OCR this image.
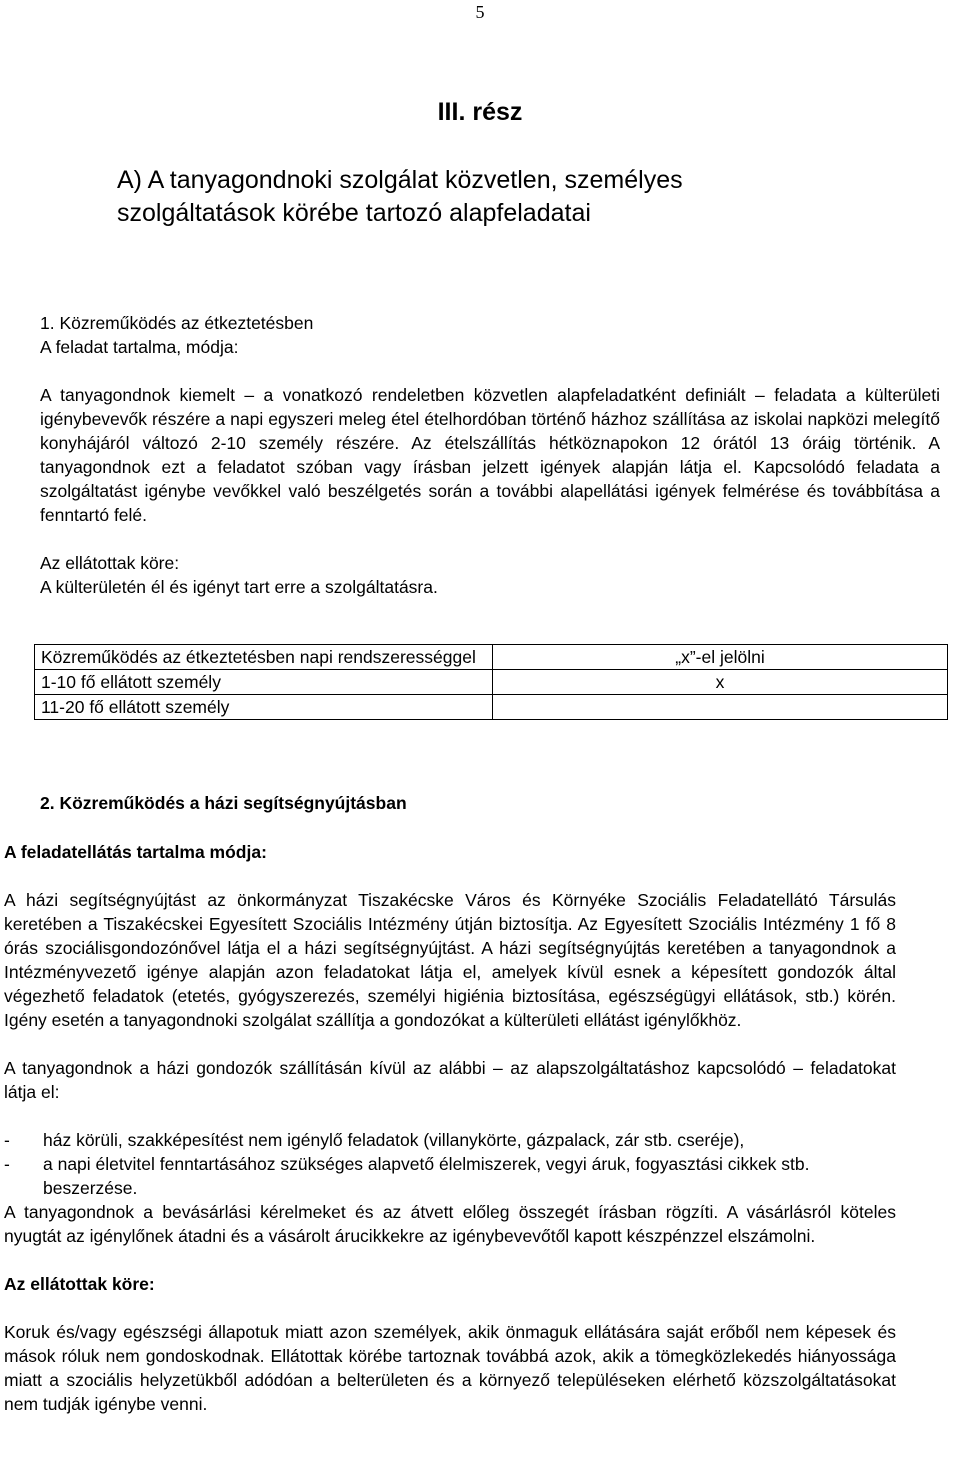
5
III. rész
A) A tanyagondnoki szolgálat közvetlen, személyes
szolgáltatások körébe tartozó alapfeladatai
1. Közreműködés az étkeztetésben
A feladat tartalma, módja:
A tanyagondnok kiemelt – a vonatkozó rendeletben közvetlen alapfeladatként definiált – feladata a külterületi igénybevevők részére a napi egyszeri meleg étel ételhordóban történő házhoz szállítása az iskolai napközi melegítő konyhájáról változó 2-10 személy részére. Az ételszállítás hétköznapokon 12 órától 13 óráig történik. A tanyagondnok ezt a feladatot szóban vagy írásban jelzett igények alapján látja el. Kapcsolódó feladata a szolgáltatást igénybe vevőkkel való beszélgetés során a további alapellátási igények felmérése és továbbítása a fenntartó felé.
Az ellátottak köre:
A külterületén él és igényt tart erre a szolgáltatásra.
Közreműködés az étkeztetésben napi rendszerességgel	„x”-el jelölni

1-10 fő ellátott személy	x
11-20 fő ellátott személy	
2. Közreműködés a házi segítségnyújtásban
A feladatellátás tartalma módja:
A házi segítségnyújtást az önkormányzat Tiszakécske Város és Környéke Szociális Feladatellátó Társulás keretében a Tiszakécskei Egyesített Szociális Intézmény útján biztosítja. Az Egyesített Szociális Intézmény 1 fő 8 órás szociálisgondozónővel látja el a házi segítségnyújtást. A házi segítségnyújtás keretében a tanyagondnok a Intézményvezető igénye alapján azon feladatokat látja el, amelyek kívül esnek a képesített gondozók által végezhető feladatok (etetés, gyógyszerezés, személyi higiénia biztosítása, egészségügyi ellátások, stb.) körén. Igény esetén a tanyagondnoki szolgálat szállítja a gondozókat a külterületi ellátást igénylőkhöz.
A tanyagondnok a házi gondozók szállításán kívül az alábbi – az alapszolgáltatáshoz kapcsolódó – feladatokat látja el:
- ház körüli, szakképesítést nem igénylő feladatok (villanykörte, gázpalack, zár stb. cseréje),
- a napi életvitel fenntartásához szükséges alapvető élelmiszerek, vegyi áruk, fogyasztási cikkek stb. beszerzése.
A tanyagondnok a bevásárlási kérelmeket és az átvett előleg összegét írásban rögzíti. A vásárlásról köteles nyugtát az igénylőnek átadni és a vásárolt árucikkekre az igénybevevőtől kapott készpénzzel elszámolni.
Az ellátottak köre:
Koruk és/vagy egészségi állapotuk miatt azon személyek, akik önmaguk ellátására saját erőből nem képesek és mások róluk nem gondoskodnak. Ellátottak körébe tartoznak továbbá azok, akik a tömegközlekedés hiányossága miatt a szociális helyzetükből adódóan a belterületen és a környező településeken elérhető közszolgáltatásokat nem tudják igénybe venni.
